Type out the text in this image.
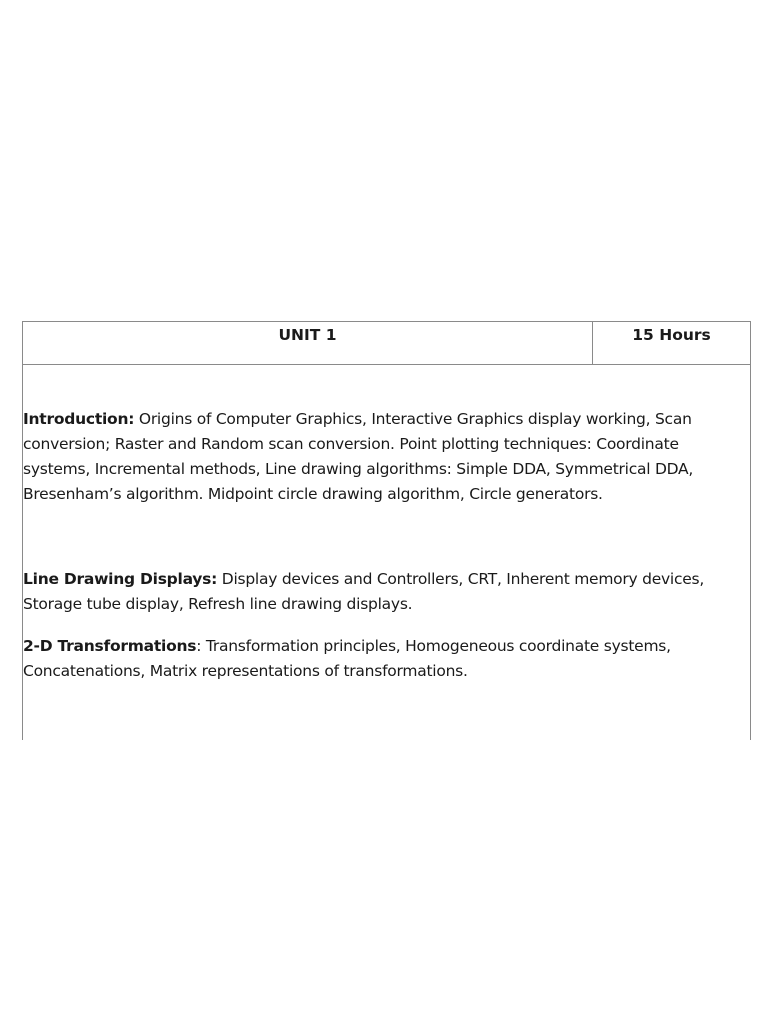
UNIT 1	15 Hours
Introduction: Origins of Computer Graphics, Interactive Graphics display working, Scan conversion; Raster and Random scan conversion. Point plotting techniques: Coordinate systems, Incremental methods, Line drawing algorithms: Simple DDA, Symmetrical DDA, Bresenham’s algorithm. Midpoint circle drawing algorithm, Circle generators.
Line Drawing Displays: Display devices and Controllers, CRT, Inherent memory devices, Storage tube display, Refresh line drawing displays.
2-D Transformations: Transformation principles, Homogeneous coordinate systems, Concatenations, Matrix representations of transformations.
